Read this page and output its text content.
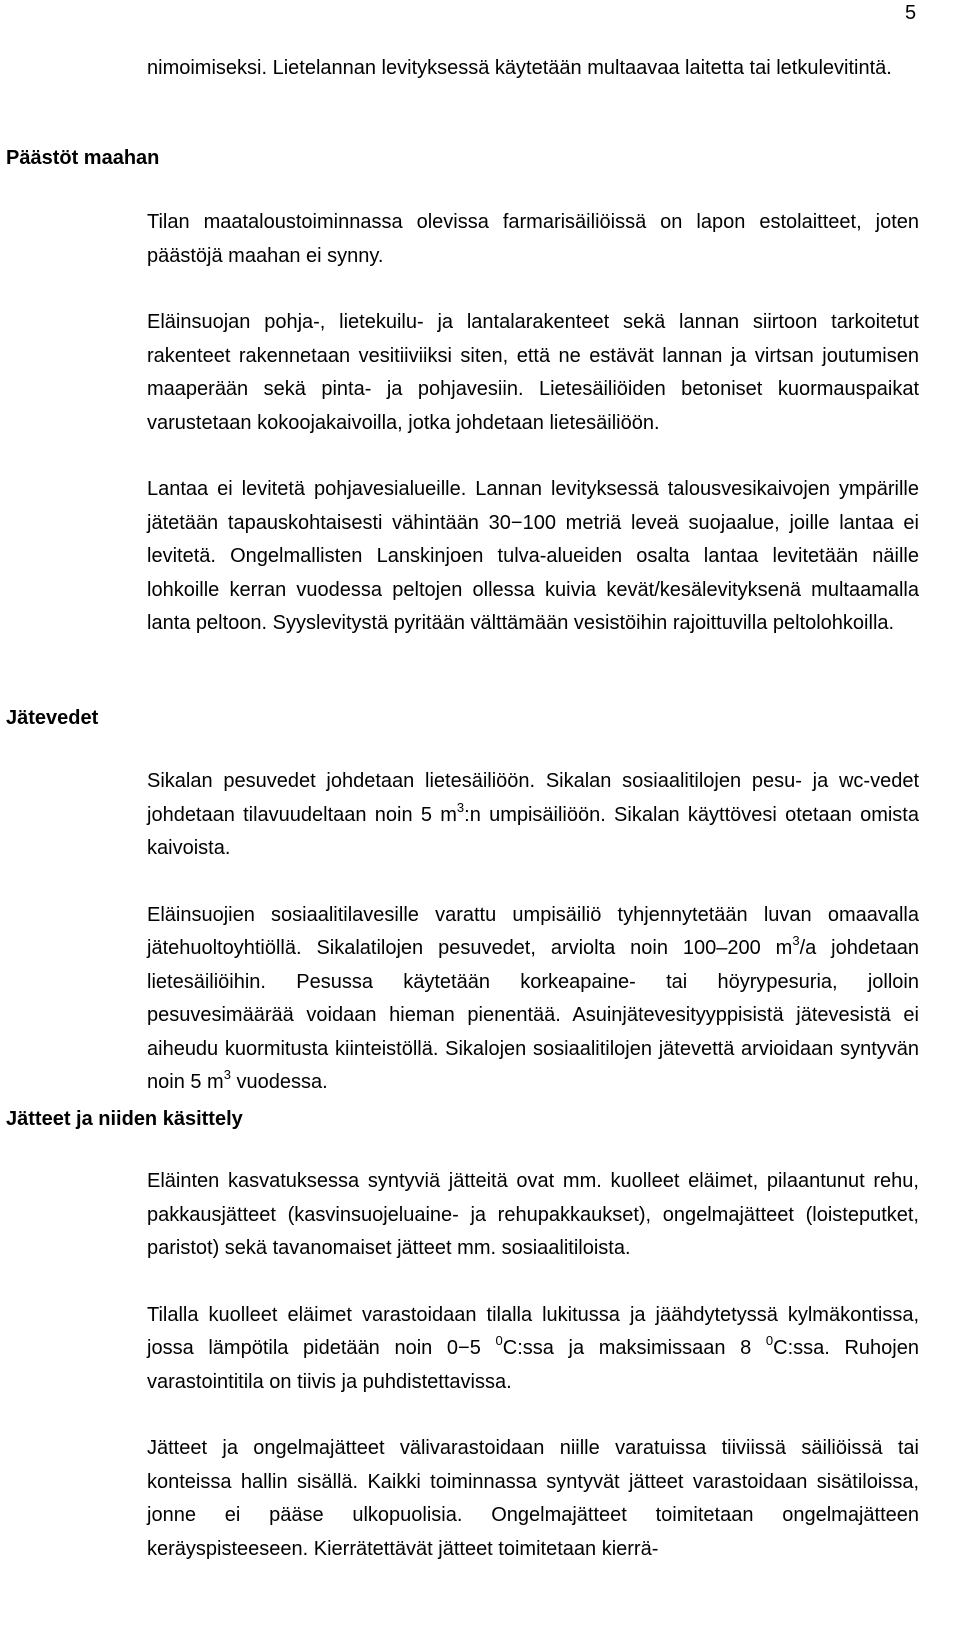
5

nimoimiseksi. Lietelannan levityksessä käytetään multaavaa laitetta tai letkulevitintä.

Päästöt maahan

Tilan maataloustoiminnassa olevissa farmarisäiliöissä on lapon estolaitteet, joten päästöjä maahan ei synny.

Eläinsuojan pohja-, lietekuilu- ja lantalarakenteet sekä lannan siirtoon tarkoitetut rakenteet rakennetaan vesitiiviiksi siten, että ne estävät lannan ja virtsan joutumisen maaperään sekä pinta- ja pohjavesiin. Lietesäiliöiden betoniset kuormauspaikat varustetaan kokoojakaivoilla, jotka johdetaan lietesäiliöön.

Lantaa ei levitetä pohjavesialueille. Lannan levityksessä talousvesikaivojen ympärille jätetään tapauskohtaisesti vähintään 30−100 metriä leveä suojaalue, joille lantaa ei levitetä. Ongelmallisten Lanskinjoen tulva-alueiden osalta lantaa levitetään näille lohkoille kerran vuodessa peltojen ollessa kuivia kevät/kesälevityksenä multaamalla lanta peltoon. Syyslevitystä pyritään välttämään vesistöihin rajoittuvilla peltolohkoilla.

Jätevedet

Sikalan pesuvedet johdetaan lietesäiliöön. Sikalan sosiaalitilojen pesu- ja wc-vedet johdetaan tilavuudeltaan noin 5 $m^3:n$ umpisäiliöön. Sikalan käyttövesi otetaan omista kaivoista.

Eläinsuojien sosiaalitilavesille varattu umpisäiliö tyhjennytetään luvan omaavalla jätehuoltoyhtiöllä. Sikalatilojen pesuvedet, arviolta noin 100–200 $m^3/a$ johdetaan lietesäiliöihin. Pesussa käytetään korkeapaine- tai höyrypesuria, jolloin pesuvesimäärää voidaan hieman pienentää. Asuinjätevesityyppisistä jätevesistä ei aiheudu kuormitusta kiinteistöllä. Sikalojen sosiaalitilojen jätevettä arvioidaan syntyvän noin 5 $m^3$ vuodessa.

Jätteet ja niiden käsittely

Eläinten kasvatuksessa syntyviä jätteitä ovat mm. kuolleet eläimet, pilaantunut rehu, pakkausjätteet (kasvinsuojeluaine- ja rehupakkaukset), ongelmajätteet (loisteputket, paristot) sekä tavanomaiset jätteet mm. sosiaalitiloista.

Tilalla kuolleet eläimet varastoidaan tilalla lukitussa ja jäähdytetyssä kylmäkontissa, jossa lämpötila pidetään noin 0−5 $^0$C:ssa ja maksimissaan 8 $^0$C:ssa. Ruhojen varastointitila on tiivis ja puhdistettavissa.

Jätteet ja ongelmajätteet välivarastoidaan niille varatuissa tiiviissä säiliöissä tai konteissa hallin sisällä. Kaikki toiminnassa syntyvät jätteet varastoidaan sisätiloissa, jonne ei pääse ulkopuolisia. Ongelmajätteet toimitetaan ongelmajätteen keräyspisteeseen. Kierrätettävät jätteet toimitetaan kierrä-
